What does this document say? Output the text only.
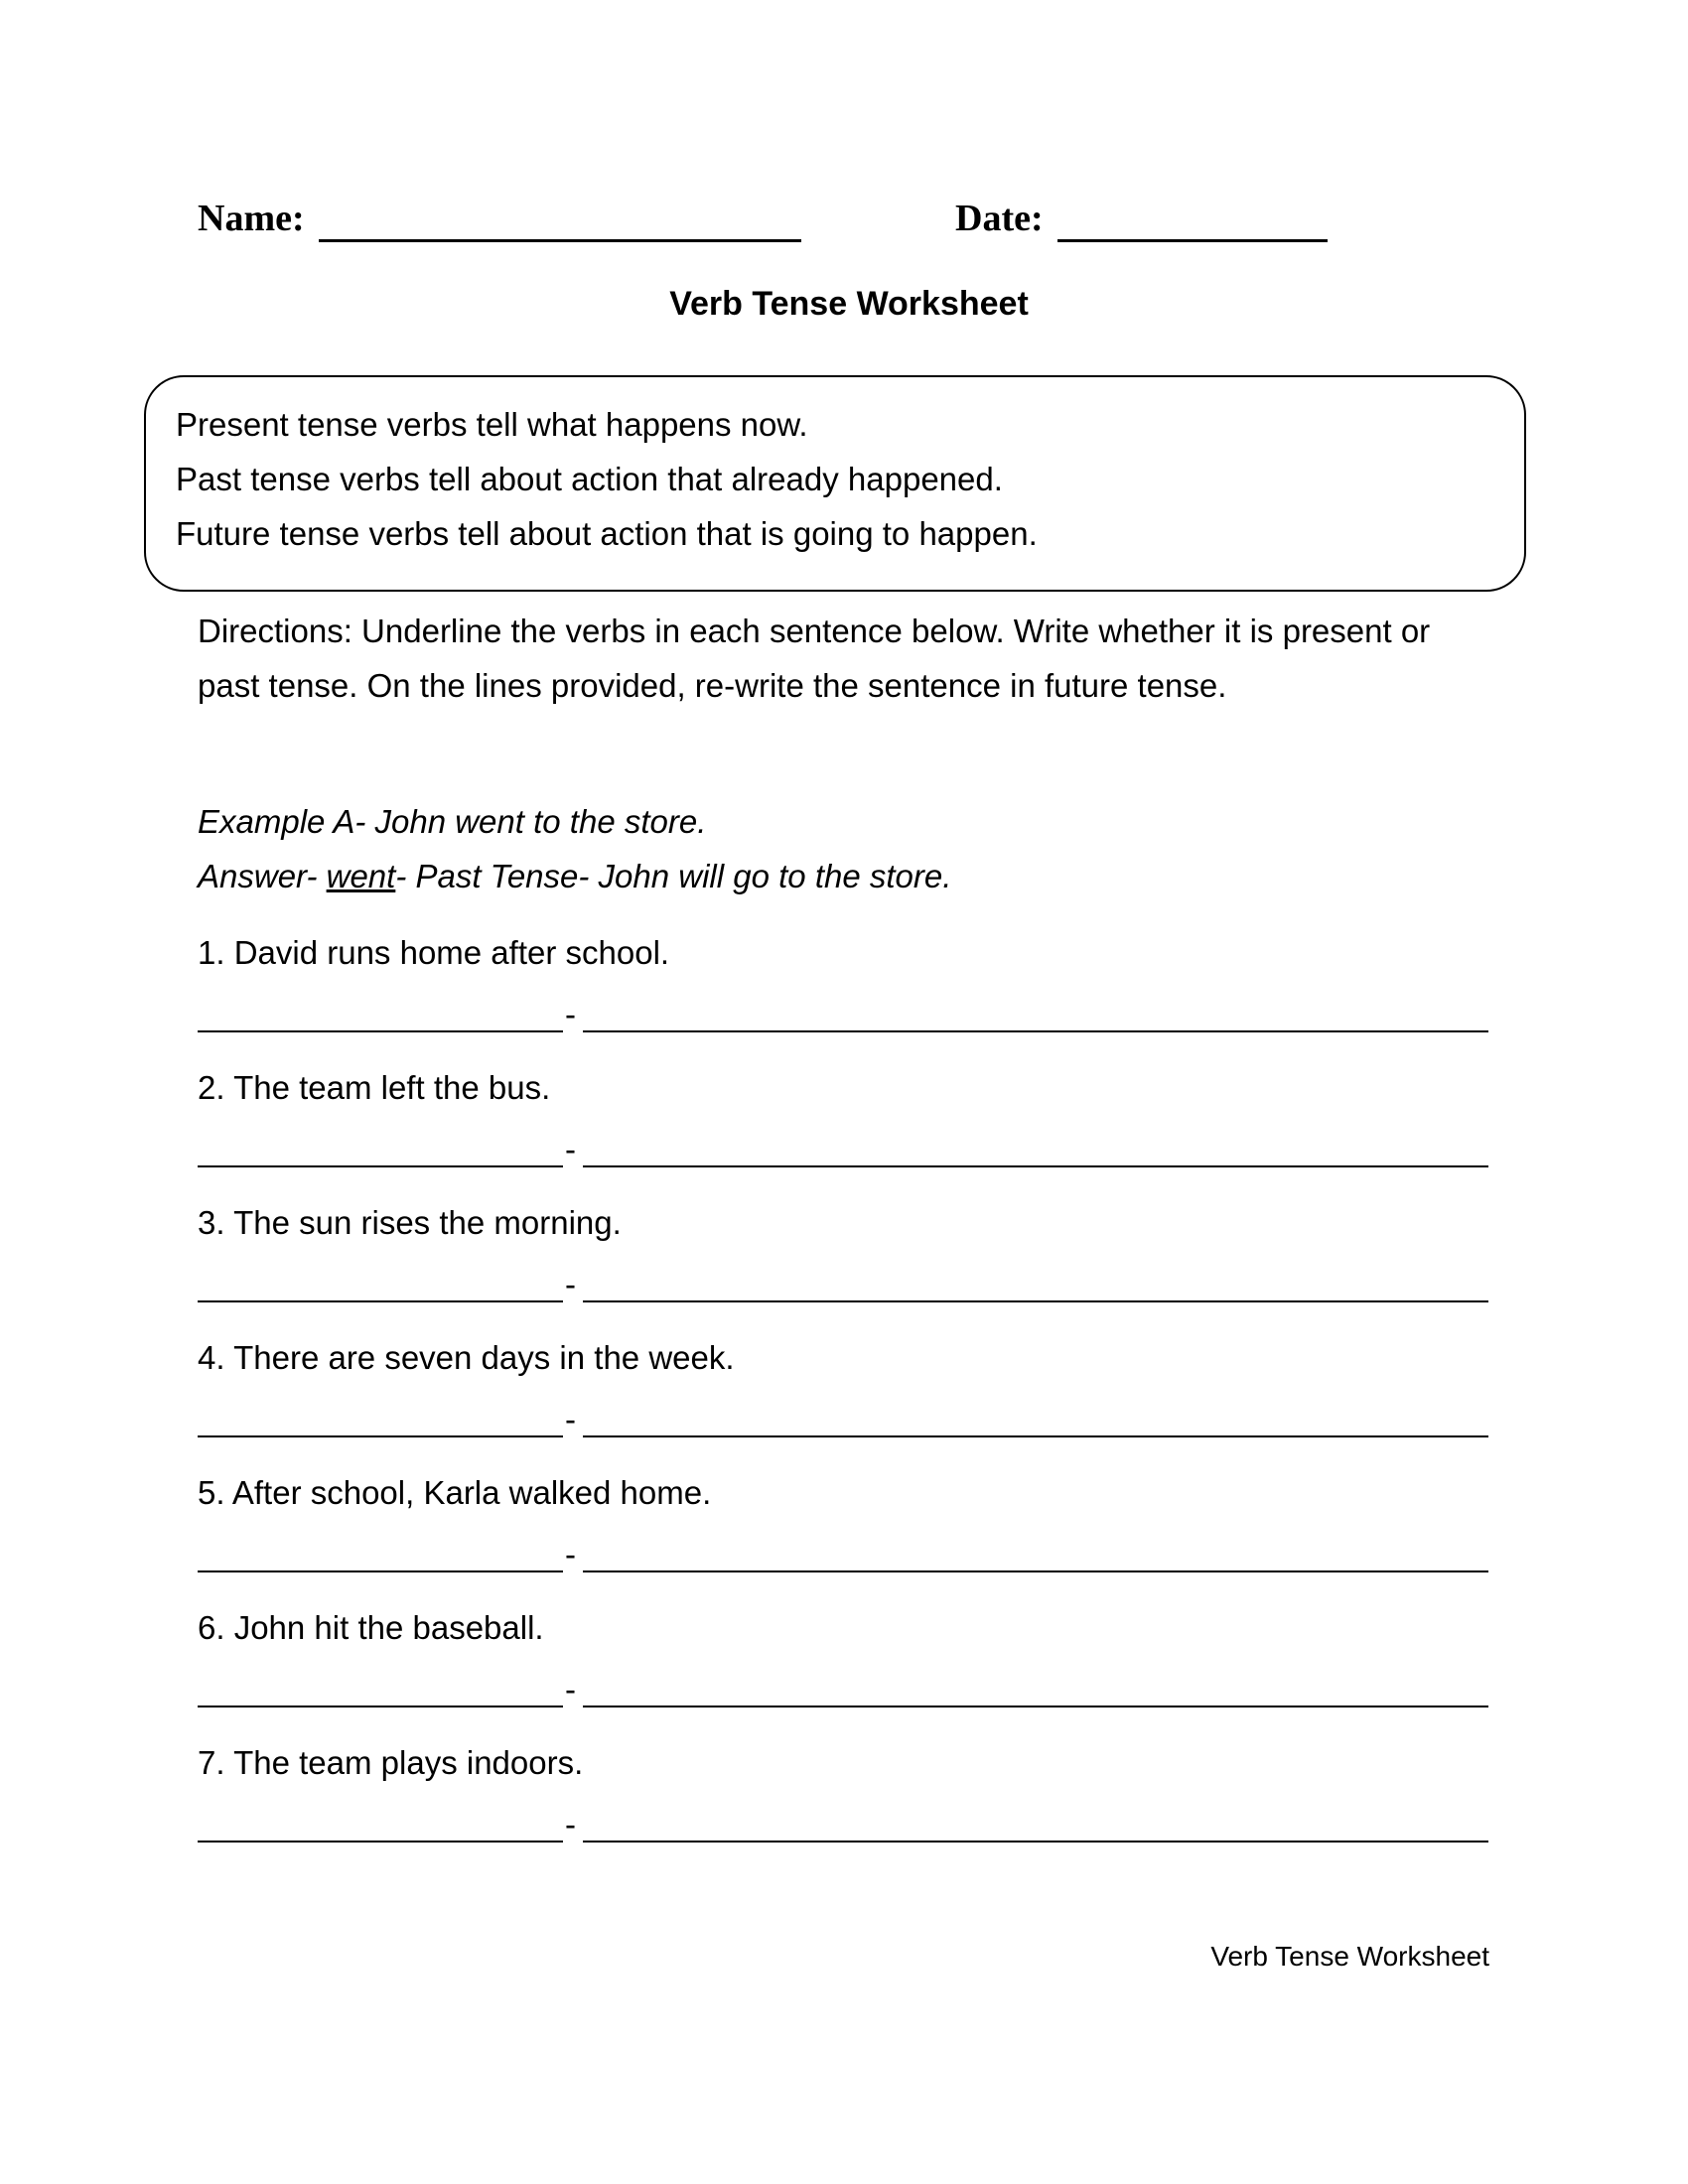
Name:	Date:
Verb Tense Worksheet
Present tense verbs tell what happens now.
Past tense verbs tell about action that already happened.
Future tense verbs tell about action that is going to happen.
Directions: Underline the verbs in each sentence below. Write whether it is present or past tense. On the lines provided, re-write the sentence in future tense.
Example A- John went to the store.
Answer- went- Past Tense- John will go to the store.
1. David runs home after school.
-
2. The team left the bus.
-
3. The sun rises the morning.
-
4. There are seven days in the week.
-
5. After school, Karla walked home.
-
6. John hit the baseball.
-
7. The team plays indoors.
-
Verb Tense Worksheet
